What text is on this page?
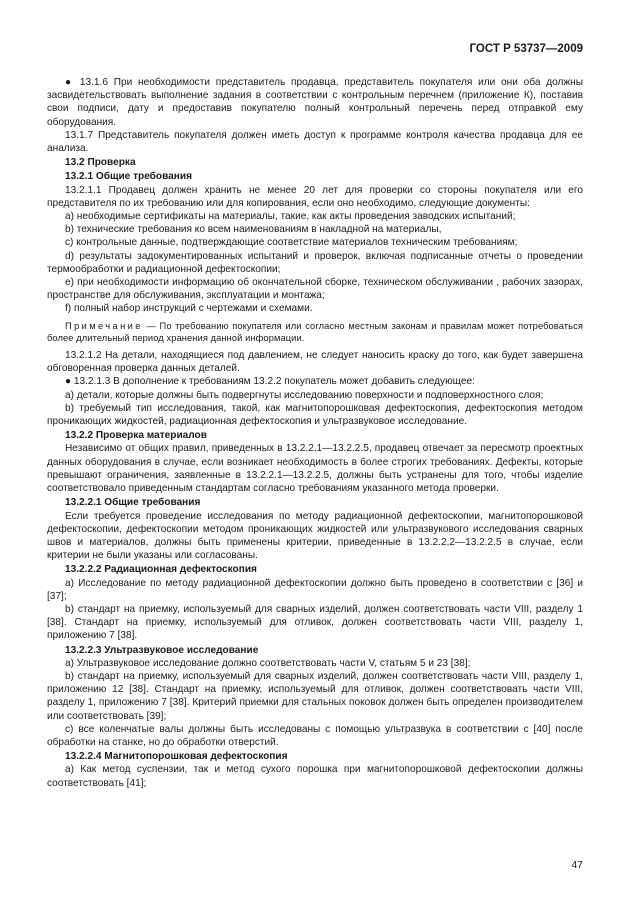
ГОСТ Р 53737—2009

● 13.1.6 При необходимости представитель продавца, представитель покупателя или они оба должны засвидетельствовать выполнение задания в соответствии с контрольным перечнем (приложение К), поставив свои подписи, дату и предоставив покупателю полный контрольный перечень перед отправкой ему оборудования.

13.1.7 Представитель покупателя должен иметь доступ к программе контроля качества продавца для ее анализа.

13.2 Проверка

13.2.1 Общие требования

13.2.1.1 Продавец должен хранить не менее 20 лет для проверки со стороны покупателя или его представителя по их требованию или для копирования, если оно необходимо, следующие документы:

a) необходимые сертификаты на материалы, такие, как акты проведения заводских испытаний;

b) технические требования ко всем наименованиям в накладной на материалы,

c) контрольные данные, подтверждающие соответствие материалов техническим требованиям;

d) результаты задокументированных испытаний и проверок, включая подписанные отчеты о проведении термообработки и радиационной дефектоскопии;

e) при необходимости информацию об окончательной сборке, техническом обслуживании , рабочих зазорах, пространстве для обслуживания, эксплуатации и монтажа;

f) полный набор инструкций с чертежами и схемами.

Примечание — По требованию покупателя или согласно местным законам и правилам может потребоваться более длительный период хранения данной информации.

13.2.1.2 На детали, находящиеся под давлением, не следует наносить краску до того, как будет завершена обговоренная проверка данных деталей.

● 13.2.1.3 В дополнение к требованиям 13.2.2 покупатель может добавить следующее:

a) детали, которые должны быть подвергнуты исследованию поверхности и подповерхностного слоя;

b) требуемый тип исследования, такой, как магнитопорошковая дефектоскопия, дефектоскопия методом проникающих жидкостей, радиационная дефектоскопия и ультразвуковое исследование.

13.2.2 Проверка материалов

Независимо от общих правил, приведенных в 13.2.2.1—13.2.2.5, продавец отвечает за пересмотр проектных данных оборудования в случае, если возникает необходимость в более строгих требованиях. Дефекты, которые превышают ограничения, заявленные в 13.2.2.1—13.2.2.5, должны быть устранены для того, чтобы изделие соответствовало приведенным стандартам согласно требованиям указанного метода проверки.

13.2.2.1 Общие требования

Если требуется проведение исследования по методу радиационной дефектоскопии, магнитопорошковой дефектоскопии, дефектоскопии методом проникающих жидкостей или ультразвукового исследования сварных швов и материалов, должны быть применены критерии, приведенные в 13.2.2.2—13.2.2.5 в случае, если критерии не были указаны или согласованы.

13.2.2.2 Радиационная дефектоскопия

a) Исследование по методу радиационной дефектоскопии должно быть проведено в соответствии с [36] и [37];

b) стандарт на приемку, используемый для сварных изделий, должен соответствовать части VIII, разделу 1 [38]. Стандарт на приемку, используемый для отливок, должен соответствовать части VIII, разделу 1, приложению 7 [38].

13.2.2.3 Ультразвуковое исследование

a) Ультразвуковое исследование должно соответствовать части V, статьям 5 и 23 [38];

b) стандарт на приемку, используемый для сварных изделий, должен соответствовать части VIII, разделу 1, приложению 12 [38]. Стандарт на приемку, используемый для отливок, должен соответствовать части VIII, разделу 1, приложению 7 [38]. Критерий приемки для стальных поковок должен быть определен производителем или соответствовать [39];

c) все коленчатые валы должны быть исследованы с помощью ультразвука в соответствии с [40] после обработки на станке, но до обработки отверстий.

13.2.2.4 Магнитопорошковая дефектоскопия

a) Как метод суспензии, так и метод сухого порошка при магнитопорошковой дефектоскопии должны соответствовать [41];

47
